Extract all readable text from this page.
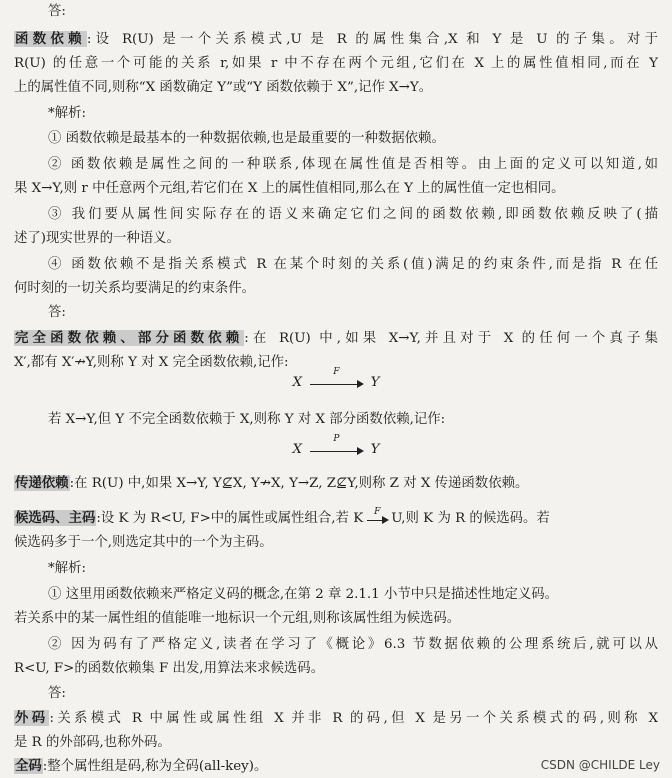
答:
函数依赖:设 R(U) 是一个关系模式,U 是 R 的属性集合,X 和 Y 是 U 的子集。对于
R(U) 的任意一个可能的关系 r,如果 r 中不存在两个元组,它们在 X 上的属性值相同,而在 Y
上的属性值不同,则称“X 函数确定 Y”或“Y 函数依赖于 X”,记作 X→Y。
*解析:
① 函数依赖是最基本的一种数据依赖,也是最重要的一种数据依赖。
② 函数依赖是属性之间的一种联系,体现在属性值是否相等。由上面的定义可以知道,如
果 X→Y,则 r 中任意两个元组,若它们在 X 上的属性值相同,那么在 Y 上的属性值一定也相同。
③ 我们要从属性间实际存在的语义来确定它们之间的函数依赖,即函数依赖反映了(描
述了)现实世界的一种语义。
④ 函数依赖不是指关系模式 R 在某个时刻的关系(值)满足的约束条件,而是指 R 在任
何时刻的一切关系均要满足的约束条件。
答:
完全函数依赖、部分函数依赖:在 R(U) 中,如果 X→Y,并且对于 X 的任何一个真子集
X′,都有 X′↛Y,则称 Y 对 X 完全函数依赖,记作:
X
F
Y
若 X→Y,但 Y 不完全函数依赖于 X,则称 Y 对 X 部分函数依赖,记作:
X
P
Y
传递依赖:在 R(U) 中,如果 X→Y, Y⊈X, Y↛X, Y→Z, Z⊈Y,则称 Z 对 X 传递函数依赖。
候选码、主码:设 K 为 R<U, F>中的属性或属性组合,若 K	F U,则 K 为 R 的候选码。若
候选码多于一个,则选定其中的一个为主码。
*解析:
① 这里用函数依赖来严格定义码的概念,在第 2 章 2.1.1 小节中只是描述性地定义码。
若关系中的某一属性组的值能唯一地标识一个元组,则称该属性组为候选码。
② 因为码有了严格定义,读者在学习了《概论》6.3 节数据依赖的公理系统后,就可以从
R<U, F>的函数依赖集 F 出发,用算法来求候选码。
答:
外码:关系模式 R 中属性或属性组 X 并非 R 的码,但 X 是另一个关系模式的码,则称 X
是 R 的外部码,也称外码。
全码:整个属性组是码,称为全码(all-key)。	CSDN @CHILDE Ley
